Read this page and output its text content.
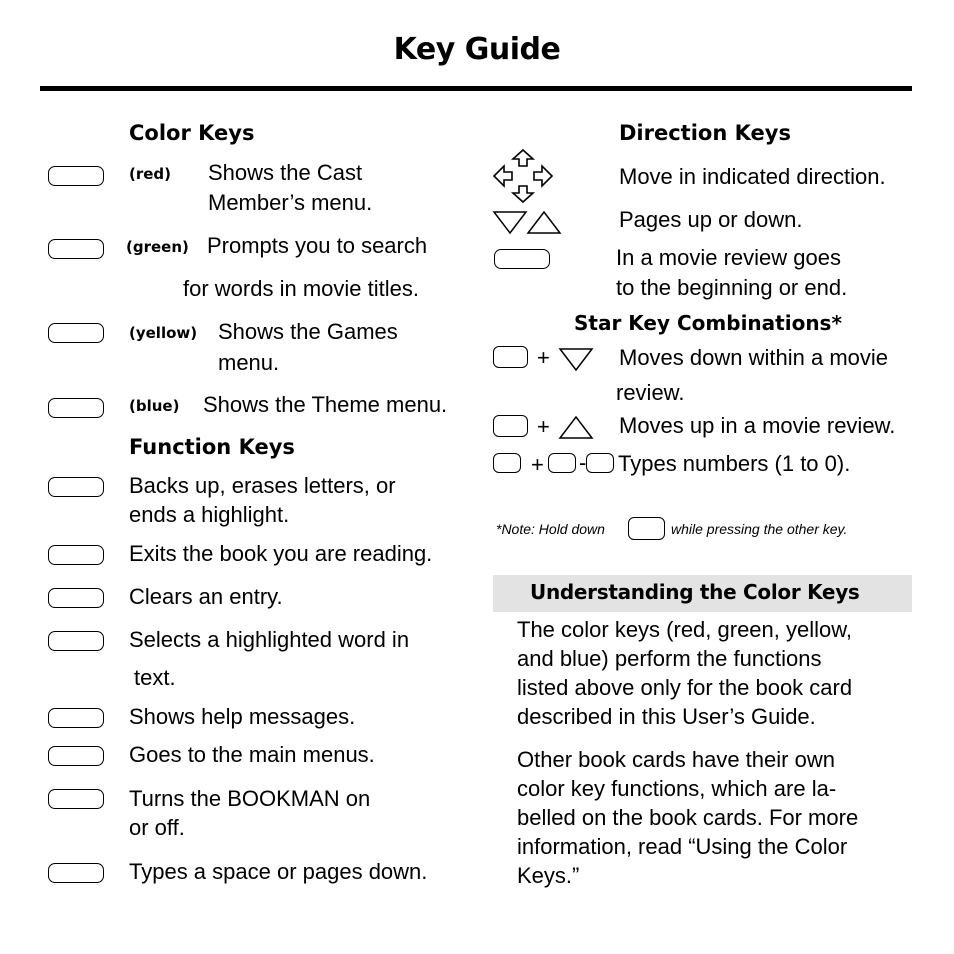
Key Guide
Color Keys
(red) Shows the Cast
Member’s menu.
(green) Prompts you to search
for words in movie titles.
(yellow) Shows the Games
menu.
(blue) Shows the Theme menu.
Function Keys
Backs up, erases letters, or
ends a highlight.
Exits the book you are reading.
Clears an entry.
Selects a highlighted word in
text.
Shows help messages.
Goes to the main menus.
Turns the BOOKMAN on
or off.
Types a space or pages down.
Direction Keys
Move in indicated direction.
Pages up or down.
In a movie review goes
to the beginning or end.
Star Key Combinations*
+	Moves down within a movie
review.
+	Moves up in a movie review.
+ - Types numbers (1 to 0).
*Note: Hold down	while pressing the other key.
Understanding the Color Keys
The color keys (red, green, yellow,
and blue) perform the functions
listed above only for the book card
described in this User’s Guide.
Other book cards have their own
color key functions, which are la-
belled on the book cards. For more
information, read “Using the Color
Keys.”
